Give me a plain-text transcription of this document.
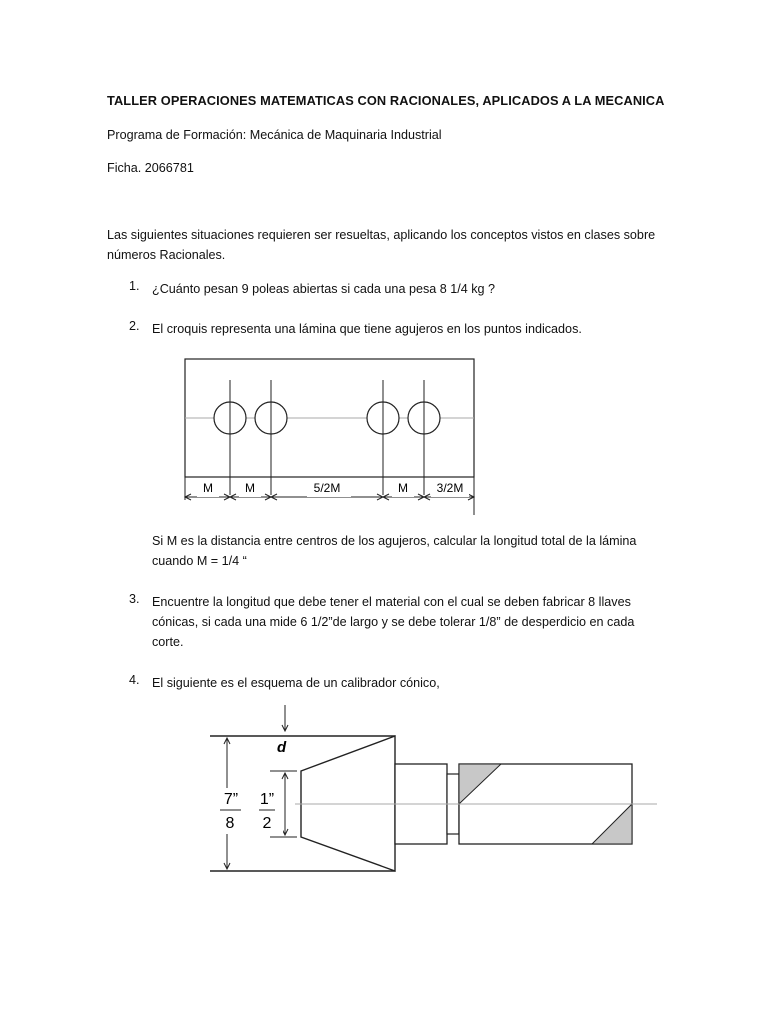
TALLER OPERACIONES MATEMATICAS CON RACIONALES, APLICADOS A LA MECANICA
Programa de Formación: Mecánica de Maquinaria Industrial
Ficha. 2066781
Las siguientes situaciones requieren ser resueltas, aplicando los conceptos vistos en clases sobre números Racionales.
1. ¿Cuánto pesan 9 poleas abiertas si cada una pesa 8 1/4 kg ?
2. El croquis representa una lámina que tiene agujeros en los puntos indicados.
M	M	5/2M	M 3/2M
Si M es la distancia entre centros de los agujeros, calcular la longitud total de la lámina
cuando M = 1/4 “
3. Encuentre la longitud que debe tener el material con el cual se deben fabricar 8 llaves
cónicas, si cada una mide 6 1/2”de largo y se debe tolerar 1/8” de desperdicio en cada
corte.
4. El siguiente es el esquema de un calibrador cónico,
d
7”
8
1”
2
